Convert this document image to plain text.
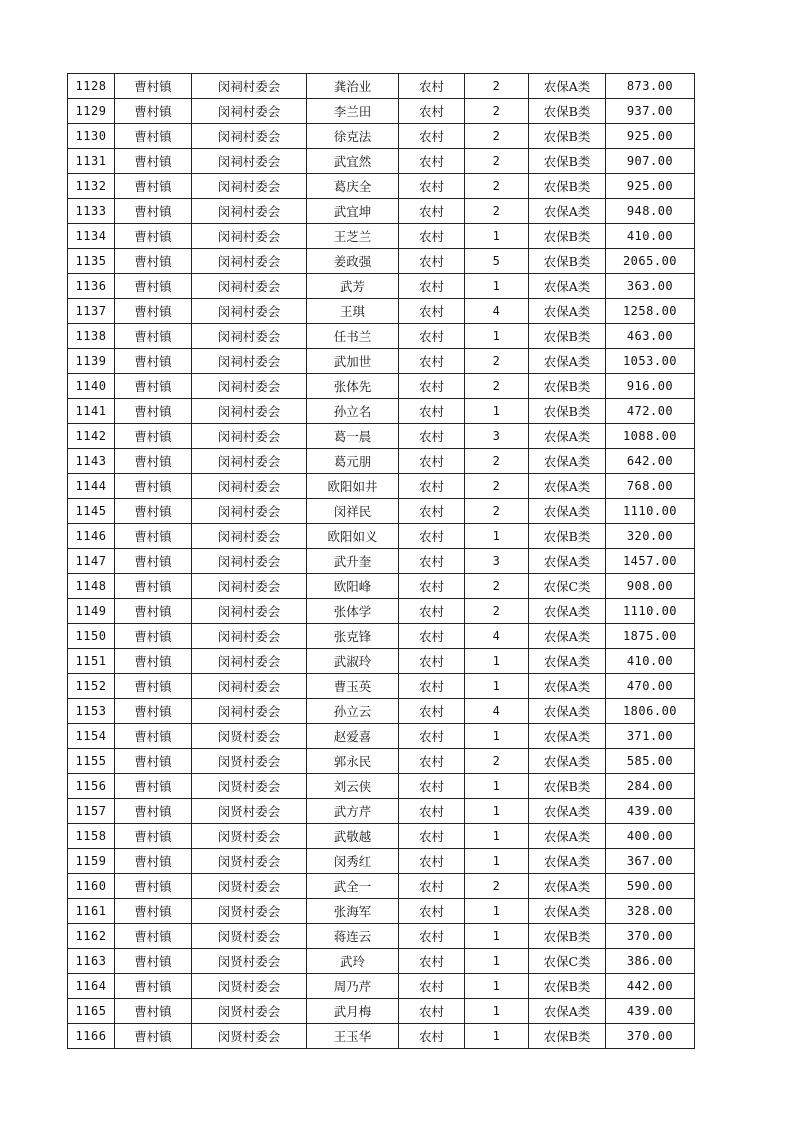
1128	曹村镇	闵祠村委会	龚治业	农村	2	农保A类	873.00
1129	曹村镇	闵祠村委会	李兰田	农村	2	农保B类	937.00
1130	曹村镇	闵祠村委会	徐克法	农村	2	农保B类	925.00
1131	曹村镇	闵祠村委会	武宜然	农村	2	农保B类	907.00
1132	曹村镇	闵祠村委会	葛庆全	农村	2	农保B类	925.00
1133	曹村镇	闵祠村委会	武宜坤	农村	2	农保A类	948.00
1134	曹村镇	闵祠村委会	王芝兰	农村	1	农保B类	410.00
1135	曹村镇	闵祠村委会	姜政强	农村	5	农保B类	2065.00
1136	曹村镇	闵祠村委会	武芳	农村	1	农保A类	363.00
1137	曹村镇	闵祠村委会	王琪	农村	4	农保A类	1258.00
1138	曹村镇	闵祠村委会	任书兰	农村	1	农保B类	463.00
1139	曹村镇	闵祠村委会	武加世	农村	2	农保A类	1053.00
1140	曹村镇	闵祠村委会	张体先	农村	2	农保B类	916.00
1141	曹村镇	闵祠村委会	孙立名	农村	1	农保B类	472.00
1142	曹村镇	闵祠村委会	葛一晨	农村	3	农保A类	1088.00
1143	曹村镇	闵祠村委会	葛元朋	农村	2	农保A类	642.00
1144	曹村镇	闵祠村委会	欧阳如井	农村	2	农保A类	768.00
1145	曹村镇	闵祠村委会	闵祥民	农村	2	农保A类	1110.00
1146	曹村镇	闵祠村委会	欧阳如义	农村	1	农保B类	320.00
1147	曹村镇	闵祠村委会	武升奎	农村	3	农保A类	1457.00
1148	曹村镇	闵祠村委会	欧阳峰	农村	2	农保C类	908.00
1149	曹村镇	闵祠村委会	张体学	农村	2	农保A类	1110.00
1150	曹村镇	闵祠村委会	张克锋	农村	4	农保A类	1875.00
1151	曹村镇	闵祠村委会	武淑玲	农村	1	农保A类	410.00
1152	曹村镇	闵祠村委会	曹玉英	农村	1	农保A类	470.00
1153	曹村镇	闵祠村委会	孙立云	农村	4	农保A类	1806.00
1154	曹村镇	闵贤村委会	赵爱喜	农村	1	农保A类	371.00
1155	曹村镇	闵贤村委会	郭永民	农村	2	农保A类	585.00
1156	曹村镇	闵贤村委会	刘云侠	农村	1	农保B类	284.00
1157	曹村镇	闵贤村委会	武方芹	农村	1	农保A类	439.00
1158	曹村镇	闵贤村委会	武敬越	农村	1	农保A类	400.00
1159	曹村镇	闵贤村委会	闵秀红	农村	1	农保A类	367.00
1160	曹村镇	闵贤村委会	武全一	农村	2	农保A类	590.00
1161	曹村镇	闵贤村委会	张海军	农村	1	农保A类	328.00
1162	曹村镇	闵贤村委会	蒋连云	农村	1	农保B类	370.00
1163	曹村镇	闵贤村委会	武玲	农村	1	农保C类	386.00
1164	曹村镇	闵贤村委会	周乃芹	农村	1	农保B类	442.00
1165	曹村镇	闵贤村委会	武月梅	农村	1	农保A类	439.00
1166	曹村镇	闵贤村委会	王玉华	农村	1	农保B类	370.00
